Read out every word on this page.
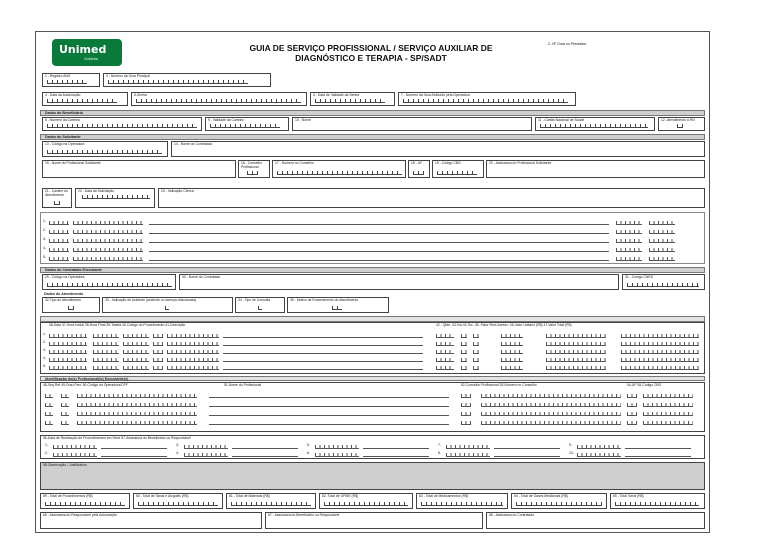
Unimed
Goiânia
GUIA DE SERVIÇO PROFISSIONAL / SERVIÇO AUXILIAR DE
DIAGNÓSTICO E TERAPIA - SP/SADT
2- Nº Guia no Prestador
1 - Registro ANS	3 - Número da Guia Principal
4 - Data da Autorização	5-Senha	6 - Data de Validade da Senha	7 - Número da Guia Atribuído pela Operadora
Dados do Beneficiário
8 - Número da Carteira	9 - Validade da Carteira	10 - Nome	11 - Cartão Nacional de Saúde	12 -Atendimento a RN
Dados do Solicitante
13 - Código na Operadora	14 - Nome do Contratado
15 - Nome do Profissional Solicitante	16 - Conselho Profissional
17 - Número no Conselho	18 - UF	19 - Código CBO	20 - Assinatura do Profissional Solicitante
21 - Caráter do Atendimento
22 - Data da Solicitação	23 - Indicação Clínica
1-
2-
3-
4-
5-
Dados do Contratado Executante
29 - Código na Operadora	30 - Nome do Contratado	31 - Código CNES
Dados do Atendimento
32-Tipo de Atendimento	33 - Indicação de Acidente (acidente ou doença relacionada)	34 - Tipo de Consulta	35 - Motivo de Encerramento do Atendimento
36-Data 37-Hora Inicial 38-Hora Final 39-Tabela 40-Código do Procedimento 41-Descrição	42 - Qtde. 43-Via 44-Tec. 45- Fator Red./Acresc. 46-Valor Unitário (R$) 47-Valor Total (R$)
1-
2-
3-
4-
5-
Identificação do(s) Profissional(is) Executante(s)
48-Seq.Ref 49-Grau Part. 50-Código na Operadora/CPF	51-Nome do Profissional	52-Conselho Profissional 53-Número no Conselho	54-UF 55-Código CBO
56-Data de Realização de Procedimentos em Série 57-Assinatura do Beneficiário ou Responsável
1-
2-
3-
4-
5-
6-
7-
8-
9-
10-
58-Observação / Justificativa
59 - Total de Procedimentos (R$)	60 - Total de Taxas e Aluguéis (R$)	61 - Total de Materiais (R$)	62- Total de OPME (R$)	63 - Total de Medicamentos (R$)	64 - Total de Gases Medicinais (R$)	65 - Total Geral (R$)
66 - Assinatura do Responsável pela Autorização	67 - Assinatura do Beneficiário ou Responsável	68 - Assinatura do Contratado
